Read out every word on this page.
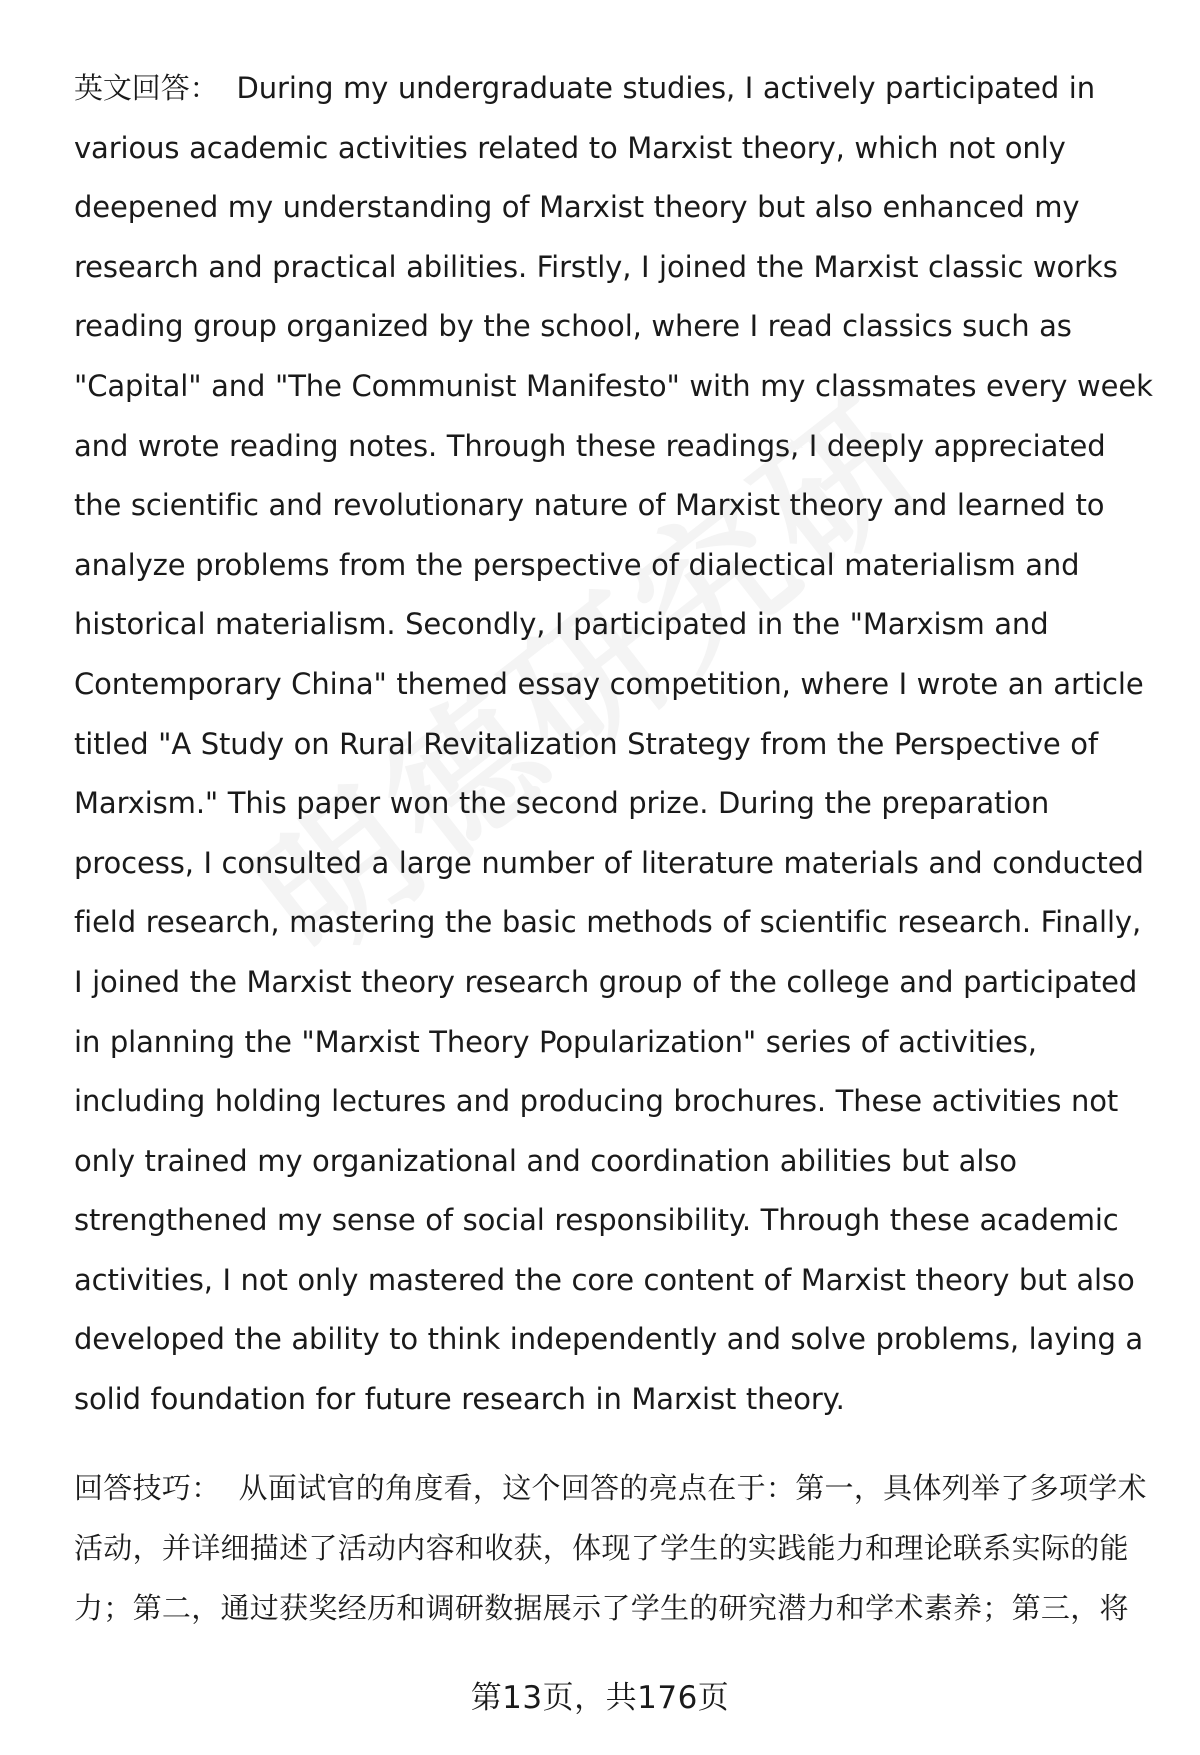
英文回答： During my undergraduate studies, I actively participated in various academic activities related to Marxist theory, which not only deepened my understanding of Marxist theory but also enhanced my research and practical abilities. Firstly, I joined the Marxist classic works reading group organized by the school, where I read classics such as "Capital" and "The Communist Manifesto" with my classmates every week and wrote reading notes. Through these readings, I deeply appreciated the scientific and revolutionary nature of Marxist theory and learned to analyze problems from the perspective of dialectical materialism and historical materialism. Secondly, I participated in the "Marxism and Contemporary China" themed essay competition, where I wrote an article titled "A Study on Rural Revitalization Strategy from the Perspective of Marxism." This paper won the second prize. During the preparation process, I consulted a large number of literature materials and conducted field research, mastering the basic methods of scientific research. Finally, I joined the Marxist theory research group of the college and participated in planning the "Marxist Theory Popularization" series of activities, including holding lectures and producing brochures. These activities not only trained my organizational and coordination abilities but also strengthened my sense of social responsibility. Through these academic activities, I not only mastered the core content of Marxist theory but also developed the ability to think independently and solve problems, laying a solid foundation for future research in Marxist theory.

回答技巧： 从面试官的角度看，这个回答的亮点在于：第一，具体列举了多项学术活动，并详细描述了活动内容和收获，体现了学生的实践能力和理论联系实际的能力；第二，通过获奖经历和调研数据展示了学生的研究潜力和学术素养；第三，将

第13页，共176页
